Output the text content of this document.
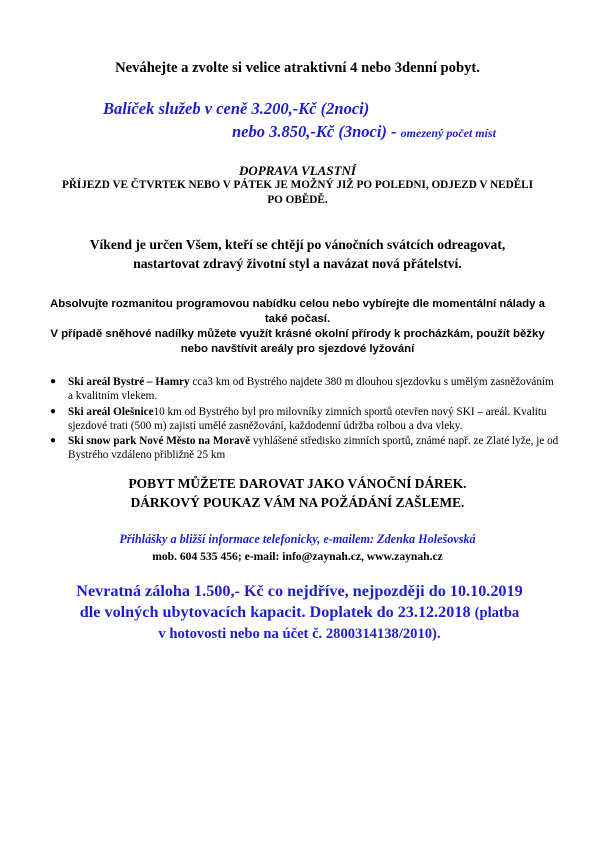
Neváhejte a zvolte si velice atraktivní 4 nebo 3denní pobyt.
Balíček služeb v ceně 3.200,-Kč (2noci)
nebo 3.850,-Kč (3noci) - omezený počet míst
DOPRAVA VLASTNÍ
PŘÍJEZD VE ČTVRTEK NEBO V PÁTEK JE MOŽNÝ JIŽ PO POLEDNI, ODJEZD V NEDĚLI PO OBĚDĚ.
Víkend je určen Všem, kteří se chtějí po vánočních svátcích odreagovat,
nastartovat zdravý životní styl a navázat nová přátelství.
Absolvujte rozmanitou programovou nabídku celou nebo vybírejte dle momentální nálady a
také počasí.
V případě sněhové nadílky můžete využít krásné okolní přírody k procházkám, použít běžky
nebo navštívit areály pro sjezdové lyžování
● Ski areál Bystré – Hamry cca3 km od Bystrého najdete 380 m dlouhou sjezdovku s umělým zasněžováním a kvalitním vlekem.
● Ski areál Olešnice10 km od Bystrého byl pro milovníky zimních sportů otevřen nový SKI – areál. Kvalitu sjezdové trati (500 m) zajistí umělé zasněžování, každodenní údržba rolbou a dva vleky.
● Ski snow park Nové Město na Moravě vyhlášené středisko zimních sportů, známé např. ze Zlaté lyže, je od Bystrého vzdáleno přibližně 25 km
POBYT MŮŽETE DAROVAT JAKO VÁNOČNÍ DÁREK.
DÁRKOVÝ POUKAZ VÁM NA POŽÁDÁNÍ ZAŠLEME.
Přihlášky a bližší informace telefonicky, e-mailem: Zdenka Holešovská
mob. 604 535 456; e-mail: info@zaynah.cz, www.zaynah.cz
Nevratná záloha 1.500,- Kč co nejdříve, nejpozději do 10.10.2019
dle volných ubytovacích kapacit. Doplatek do 23.12.2018 (platba
v hotovosti nebo na účet č. 2800314138/2010).
